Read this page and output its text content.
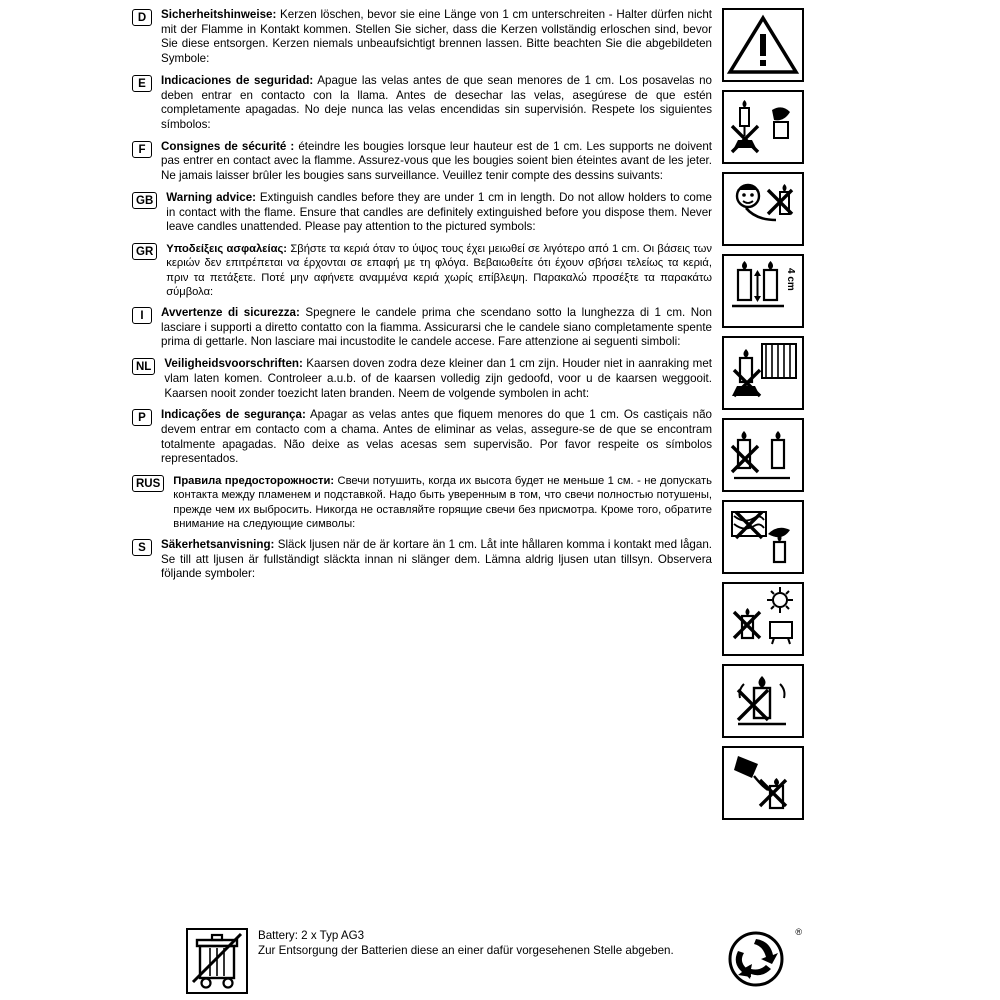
D	Sicherheitshinweise: Kerzen löschen, bevor sie eine Länge von 1 cm unterschreiten - Halter dürfen nicht mit der Flamme in Kontakt kommen. Stellen Sie sicher, dass die Kerzen vollständig erloschen sind, bevor Sie diese entsorgen. Kerzen niemals unbeaufsichtigt brennen lassen. Bitte beachten Sie die abgebildeten Symbole:
E	Indicaciones de seguridad: Apague las velas antes de que sean menores de 1 cm. Los posavelas no deben entrar en contacto con la llama. Antes de desechar las velas, asegúrese de que estén completamente apagadas. No deje nunca las velas encendidas sin supervisión. Respete los siguientes símbolos:
F	Consignes de sécurité : éteindre les bougies lorsque leur hauteur est de 1 cm. Les supports ne doivent pas entrer en contact avec la flamme. Assurez-vous que les bougies soient bien éteintes avant de les jeter. Ne jamais laisser brûler les bougies sans surveillance. Veuillez tenir compte des dessins suivants:
GB	Warning advice: Extinguish candles before they are under 1 cm in length. Do not allow holders to come in contact with the flame. Ensure that candles are definitely extinguished before you dispose them. Never leave candles unattended. Please pay attention to the pictured symbols:
GR	Υποδείξεις ασφαλείας: Σβήστε τα κεριά όταν το ύψος τους έχει μειωθεί σε λιγότερο από 1 cm. Οι βάσεις των κεριών δεν επιτρέπεται να έρχονται σε επαφή με τη φλόγα. Βεβαιωθείτε ότι έχουν σβήσει τελείως τα κεριά, πριν τα πετάξετε. Ποτέ μην αφήνετε αναμμένα κεριά χωρίς επίβλεψη. Παρακαλώ προσέξτε τα παρακάτω σύμβολα:
I	Avvertenze di sicurezza: Spegnere le candele prima che scendano sotto la lunghezza di 1 cm. Non lasciare i supporti a diretto contatto con la fiamma. Assicurarsi che le candele siano completamente spente prima di gettarle. Non lasciare mai incustodite le candele accese. Fare attenzione ai seguenti simboli:
NL	Veiligheidsvoorschriften: Kaarsen doven zodra deze kleiner dan 1 cm zijn. Houder niet in aanraking met vlam laten komen. Controleer a.u.b. of de kaarsen volledig zijn gedoofd, voor u de kaarsen weggooit. Kaarsen nooit zonder toezicht laten branden. Neem de volgende symbolen in acht:
P	Indicações de segurança: Apagar as velas antes que fiquem menores do que 1 cm. Os castiçais não devem entrar em contacto com a chama. Antes de eliminar as velas, assegure-se de que se encontram totalmente apagadas. Não deixe as velas acesas sem supervisão. Por favor respeite os símbolos representados.
RUS	Правила предосторожности: Свечи потушить, когда их высота будет не меньше 1 см. - не допускать контакта между пламенем и подставкой. Надо быть уверенным в том, что свечи полностью потушены, прежде чем их выбросить. Никогда не оставляйте горящие свечи без присмотра. Кроме того, обратите внимание на следующие символы:
S	Säkerhetsanvisning: Släck ljusen när de är kortare än 1 cm. Låt inte hållaren komma i kontakt med lågan. Se till att ljusen är fullständigt släckta innan ni slänger dem. Lämna aldrig ljusen utan tillsyn. Observera följande symboler:
Battery: 2 x Typ AG3
Zur Entsorgung der Batterien diese an einer dafür vorgesehenen Stelle abgeben.
4 cm
®
